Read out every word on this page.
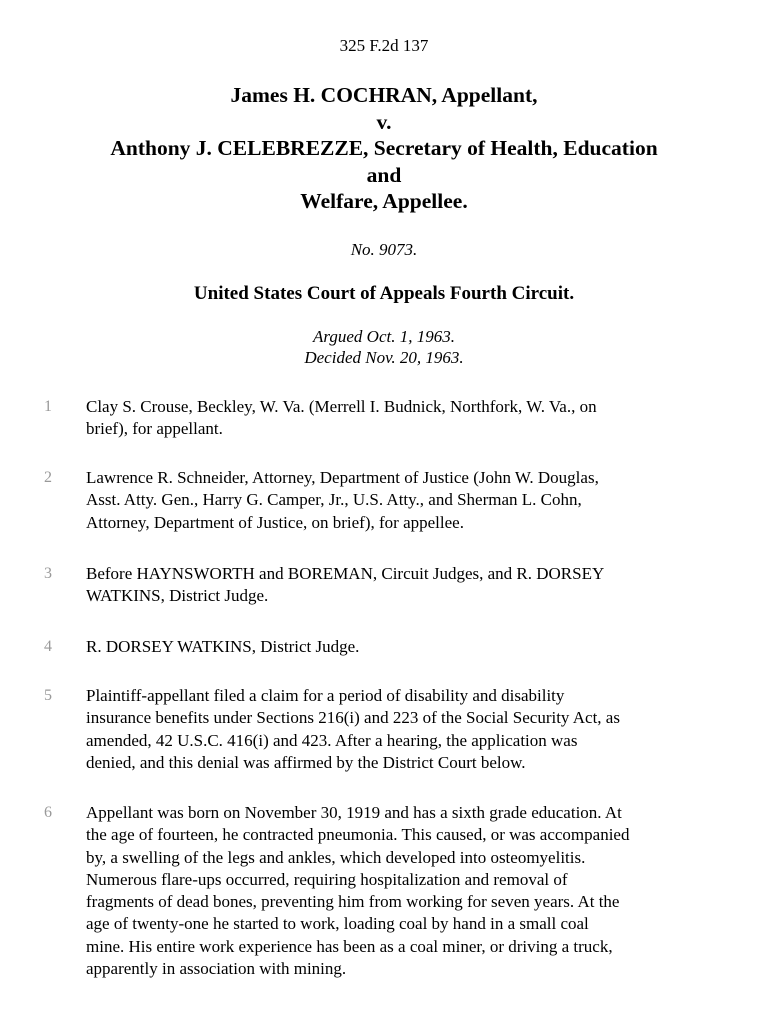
325 F.2d 137
James H. COCHRAN, Appellant,
v.
Anthony J. CELEBREZZE, Secretary of Health, Education
and
Welfare, Appellee.
No. 9073.
United States Court of Appeals Fourth Circuit.
Argued Oct. 1, 1963.
Decided Nov. 20, 1963.
1 Clay S. Crouse, Beckley, W. Va. (Merrell I. Budnick, Northfork, W. Va., on
brief), for appellant.
2 Lawrence R. Schneider, Attorney, Department of Justice (John W. Douglas,
Asst. Atty. Gen., Harry G. Camper, Jr., U.S. Atty., and Sherman L. Cohn,
Attorney, Department of Justice, on brief), for appellee.
3 Before HAYNSWORTH and BOREMAN, Circuit Judges, and R. DORSEY
WATKINS, District Judge.
4 R. DORSEY WATKINS, District Judge.
5 Plaintiff-appellant filed a claim for a period of disability and disability
insurance benefits under Sections 216(i) and 223 of the Social Security Act, as
amended, 42 U.S.C. 416(i) and 423. After a hearing, the application was
denied, and this denial was affirmed by the District Court below.
6 Appellant was born on November 30, 1919 and has a sixth grade education. At
the age of fourteen, he contracted pneumonia. This caused, or was accompanied
by, a swelling of the legs and ankles, which developed into osteomyelitis.
Numerous flare-ups occurred, requiring hospitalization and removal of
fragments of dead bones, preventing him from working for seven years. At the
age of twenty-one he started to work, loading coal by hand in a small coal
mine. His entire work experience has been as a coal miner, or driving a truck,
apparently in association with mining.
